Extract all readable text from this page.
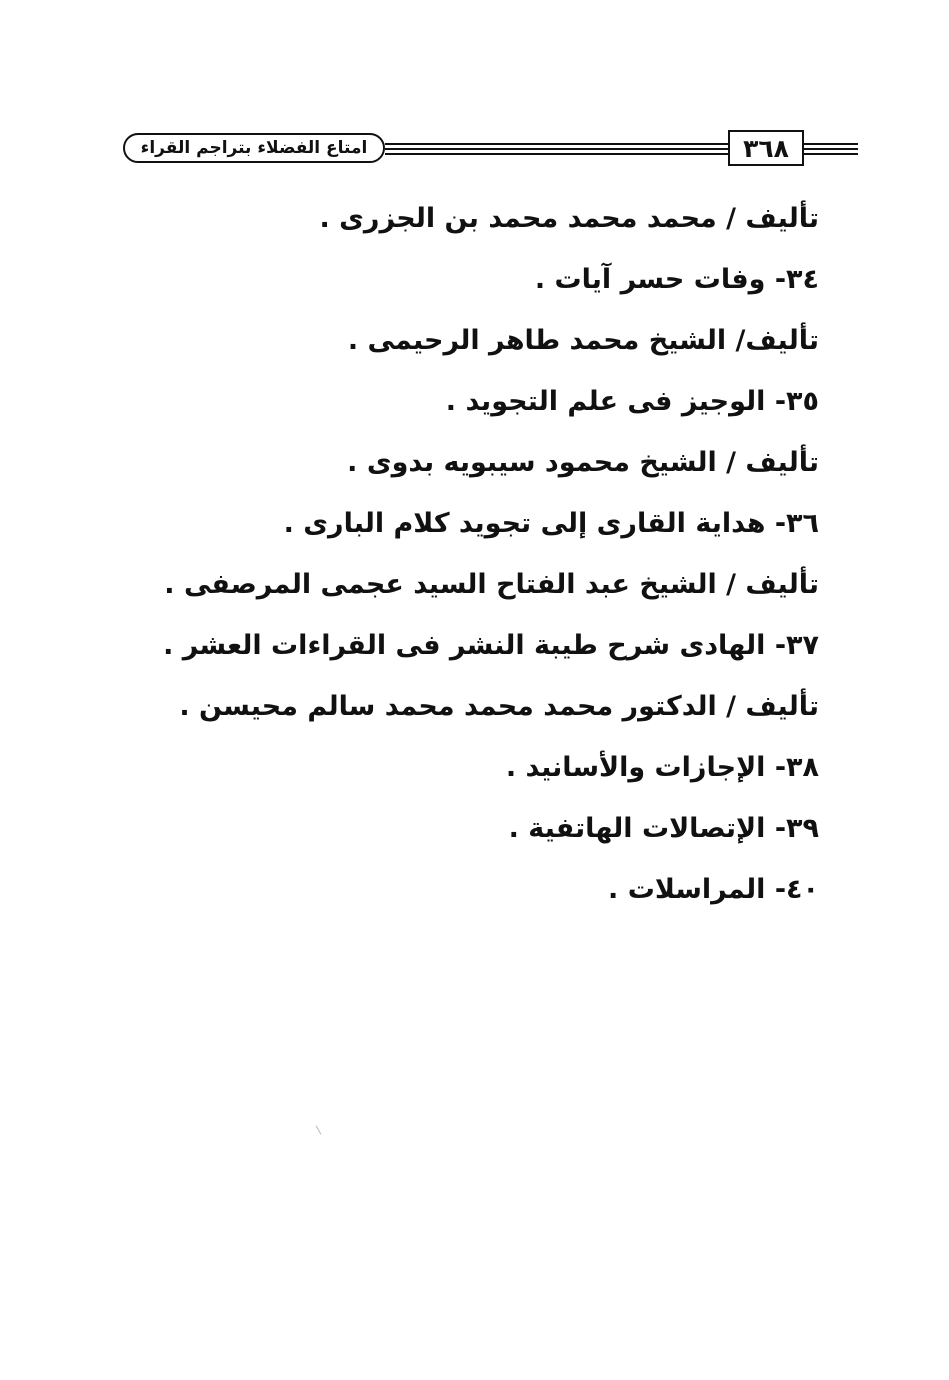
امتاع الفضلاء بتراجم القراء	٣٦٨
تأليف / محمد محمد محمد بن الجزرى .
٣٤- وفات حسر آيات .
تأليف/ الشيخ محمد طاهر الرحيمى .
٣٥- الوجيز فى علم التجويد .
تأليف / الشيخ محمود سيبويه بدوى .
٣٦- هداية القارى إلى تجويد كلام البارى .
تأليف / الشيخ عبد الفتاح السيد عجمى المرصفى .
٣٧- الهادى شرح طيبة النشر فى القراءات العشر .
تأليف / الدكتور محمد محمد محمد سالم محيسن .
٣٨- الإجازات والأسانيد .
٣٩- الإتصالات الهاتفية .
٤٠- المراسلات .
